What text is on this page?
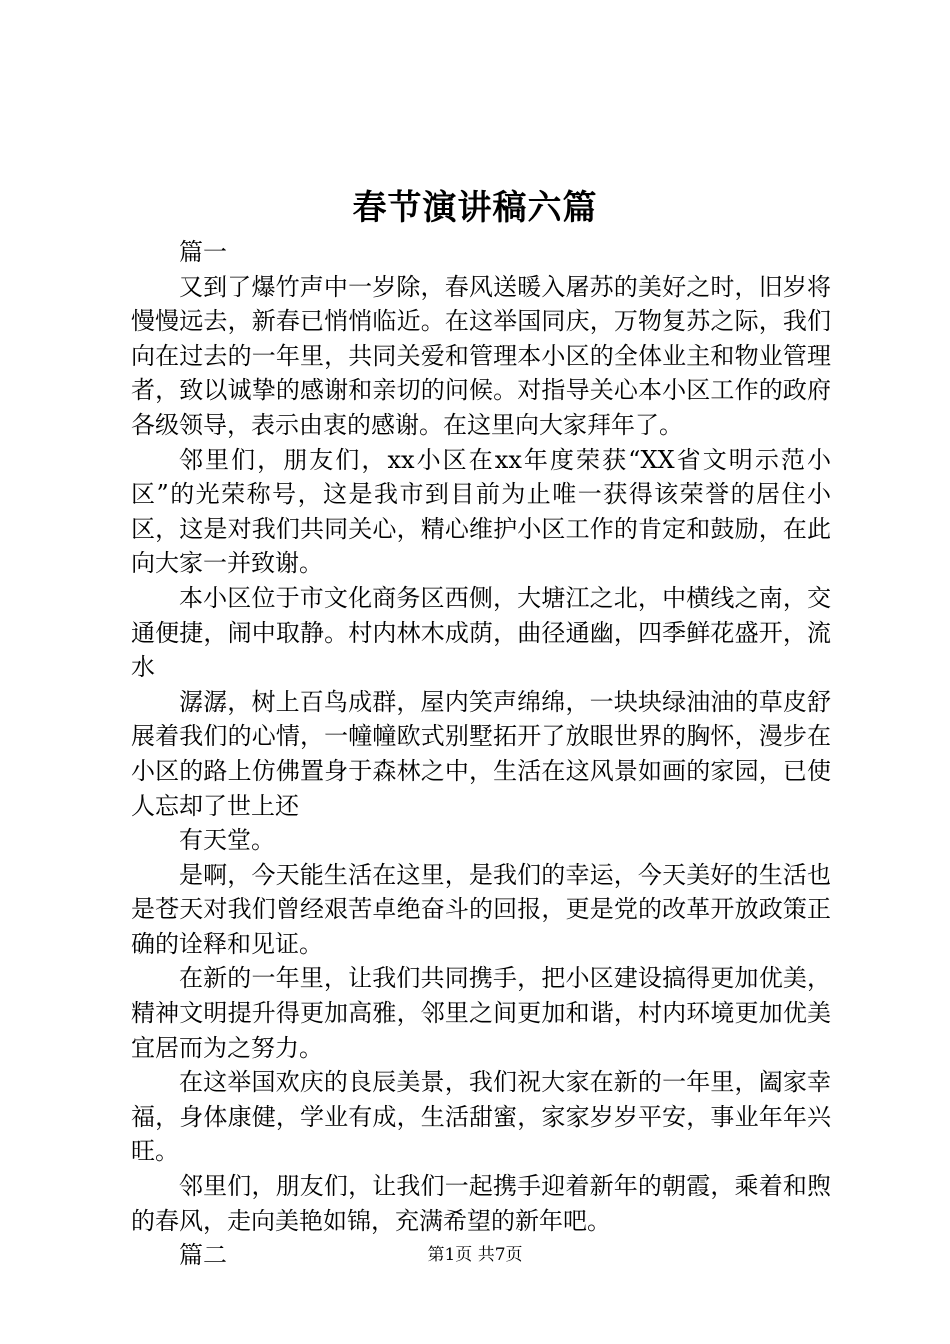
春节演讲稿六篇

篇一

又到了爆竹声中一岁除，春风送暖入屠苏的美好之时，旧岁将慢慢远去，新春已悄悄临近。在这举国同庆，万物复苏之际，我们向在过去的一年里，共同关爱和管理本小区的全体业主和物业管理者，致以诚挚的感谢和亲切的问候。对指导关心本小区工作的政府各级领导，表示由衷的感谢。在这里向大家拜年了。

邻里们，朋友们，xx小区在xx年度荣获“XX省文明示范小区”的光荣称号，这是我市到目前为止唯一获得该荣誉的居住小区，这是对我们共同关心，精心维护小区工作的肯定和鼓励，在此向大家一并致谢。

本小区位于市文化商务区西侧，大塘江之北，中横线之南，交通便捷，闹中取静。村内林木成荫，曲径通幽，四季鲜花盛开，流水

潺潺，树上百鸟成群，屋内笑声绵绵，一块块绿油油的草皮舒展着我们的心情，一幢幢欧式别墅拓开了放眼世界的胸怀，漫步在小区的路上仿佛置身于森林之中，生活在这风景如画的家园，已使人忘却了世上还

有天堂。

是啊，今天能生活在这里，是我们的幸运，今天美好的生活也是苍天对我们曾经艰苦卓绝奋斗的回报，更是党的改革开放政策正确的诠释和见证。

在新的一年里，让我们共同携手，把小区建设搞得更加优美，精神文明提升得更加高雅，邻里之间更加和谐，村内环境更加优美宜居而为之努力。

在这举国欢庆的良辰美景，我们祝大家在新的一年里，阖家幸福，身体康健，学业有成，生活甜蜜，家家岁岁平安，事业年年兴旺。

邻里们，朋友们，让我们一起携手迎着新年的朝霞，乘着和煦的春风，走向美艳如锦，充满希望的新年吧。

篇二	第1页 共7页
